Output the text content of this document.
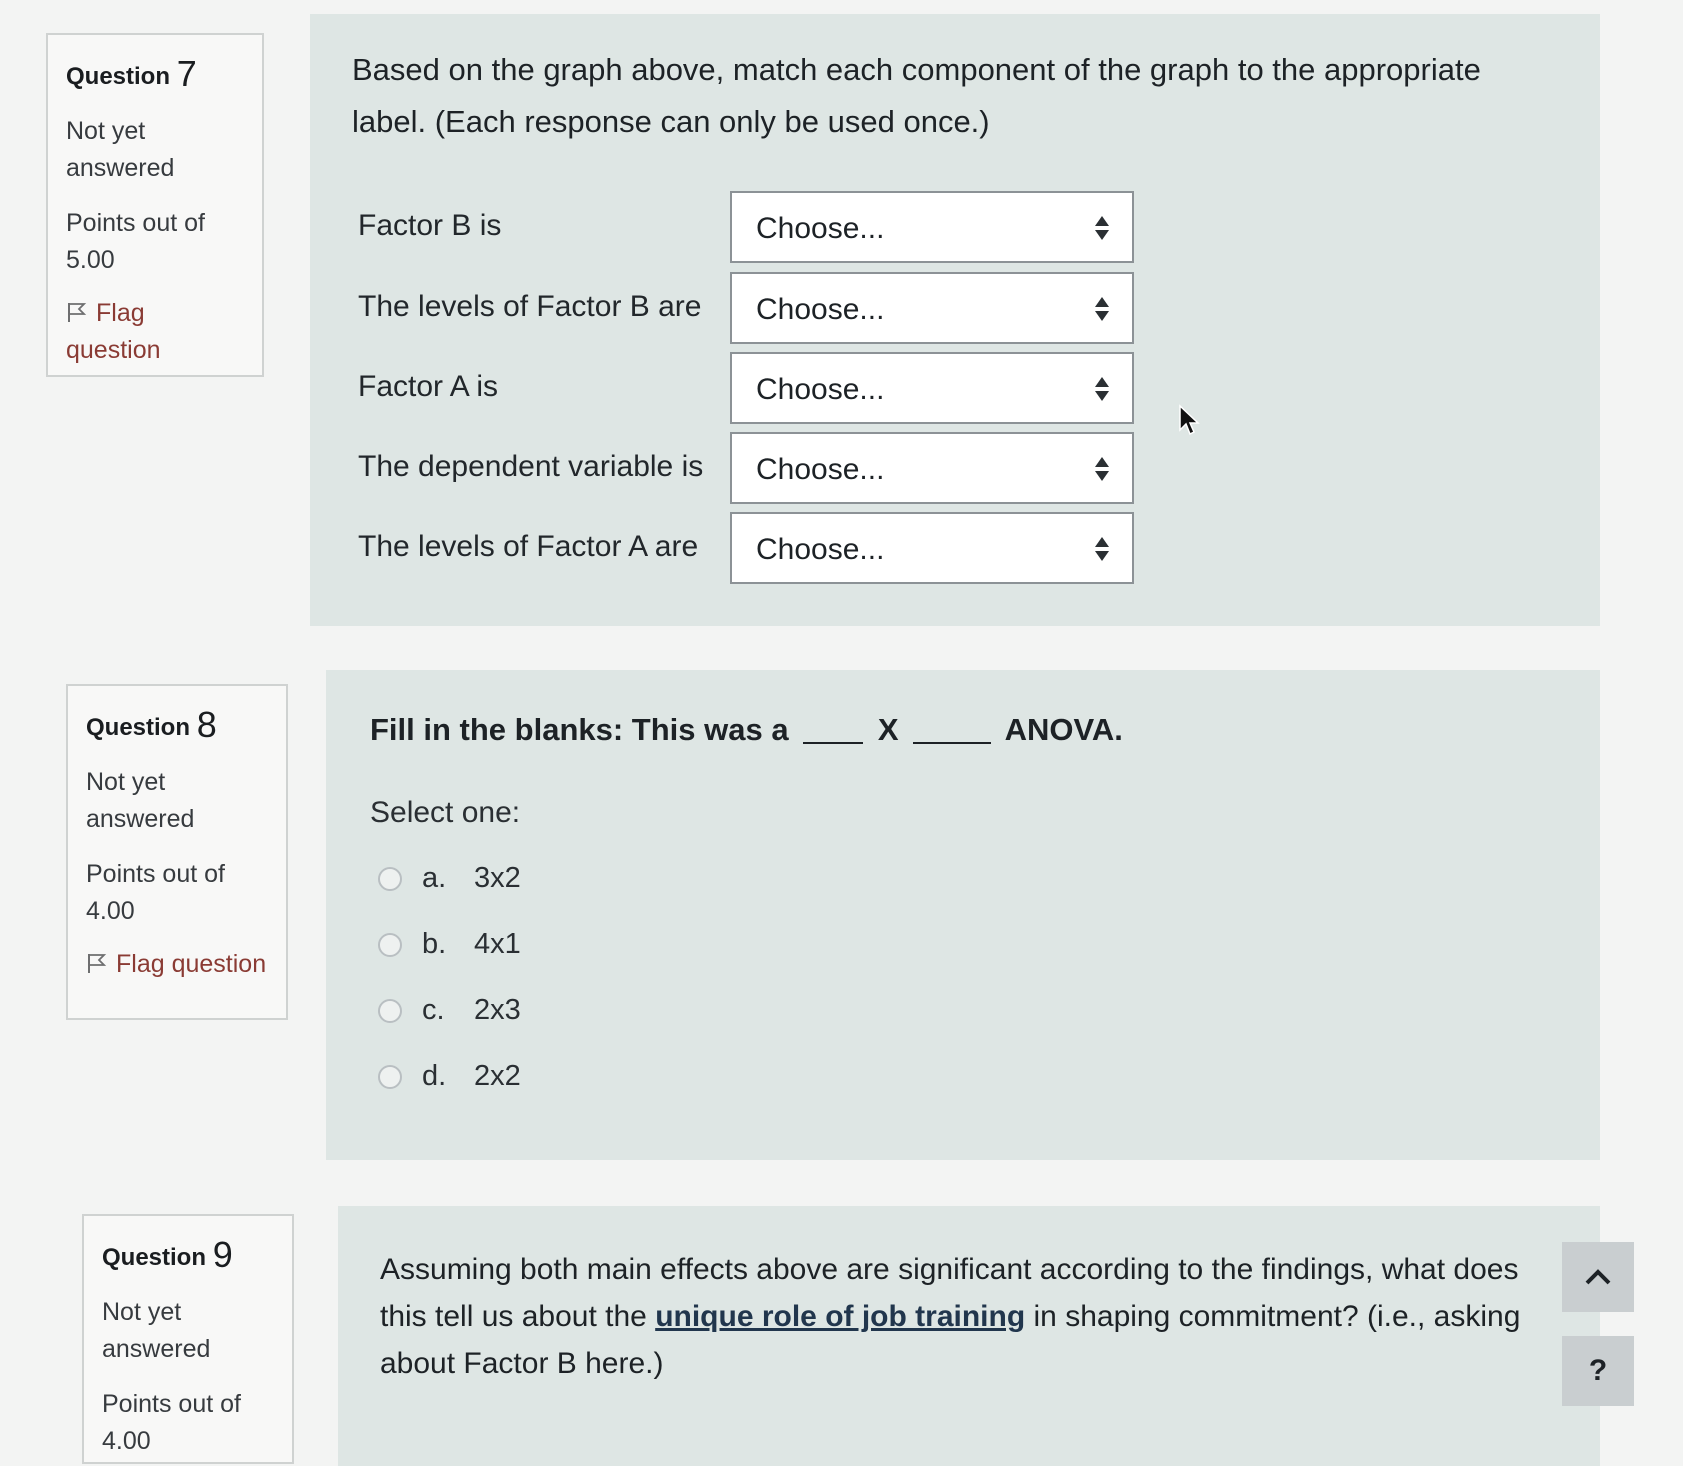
Question 7
Not yet answered
Points out of 5.00
Flag question
Based on the graph above, match each component of the graph to the appropriate label. (Each response can only be used once.)
Factor B is	Choose...
The levels of Factor B are Choose...
Factor A is	Choose...
The dependent variable is Choose...
The levels of Factor A are Choose...
Question 8
Not yet answered
Points out of 4.00
Flag question
Fill in the blanks: This was a	X	ANOVA.
Select one:
a. 3x2
b. 4x1
c. 2x3
d. 2x2
Question 9
Not yet answered
Points out of 4.00
Assuming both main effects above are significant according to the findings, what does this tell us about the unique role of job training in shaping commitment? (i.e., asking about Factor B here.)	?
